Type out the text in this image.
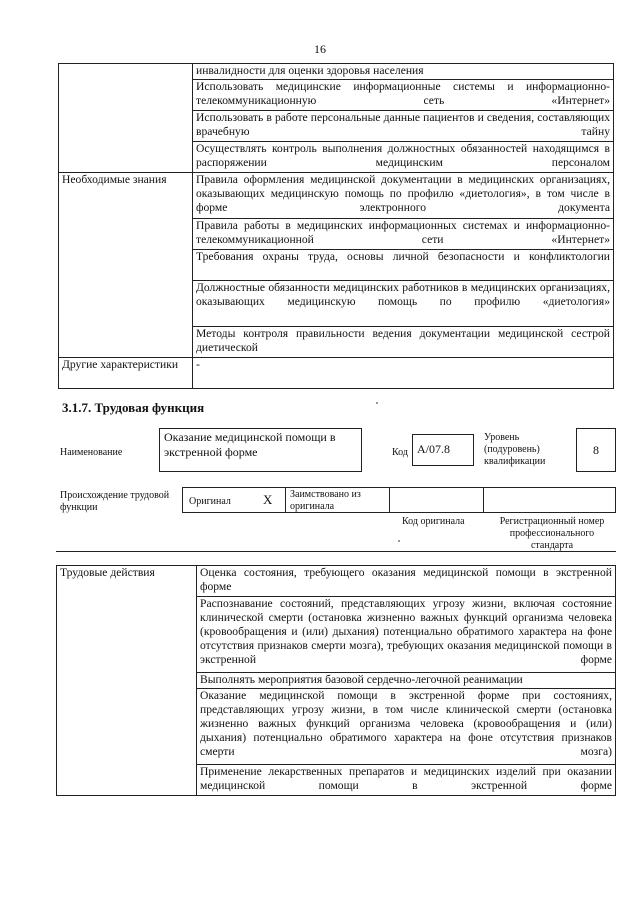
16
	инвалидности для оценки здоровья населения
	Использовать медицинские информационные системы и информационно-телекоммуникационную сеть «Интернет»
	Использовать в работе персональные данные пациентов и сведения, составляющих врачебную тайну
	Осуществлять контроль выполнения должностных обязанностей находящимся в распоряжении медицинским персоналом
Необходимые знания	Правила оформления медицинской документации в медицинских организациях, оказывающих медицинскую помощь по профилю «диетология», в том числе в форме электронного документа
	Правила работы в медицинских информационных системах и информационно-телекоммуникационной сети «Интернет»
	Требования охраны труда, основы личной безопасности и конфликтологии
	Должностные обязанности медицинских работников в медицинских организациях, оказывающих медицинскую помощь по профилю «диетология»
	Методы контроля правильности ведения документации медицинской сестрой диетической
Другие характеристики	-
3.1.7. Трудовая функция
Наименование
Оказание медицинской помощи в экстренной форме	Код А/07.8
Уровень (подуровень) квалификации
8
Происхождение трудовой функции
Оригинал X Заимствовано из оригинала
Код оригинала	Регистрационный номер профессионального стандарта
Трудовые действия	Оценка состояния, требующего оказания медицинской помощи в экстренной форме
Распознавание состояний, представляющих угрозу жизни, включая состояние клинической смерти (остановка жизненно важных функций организма человека (кровообращения и (или) дыхания) потенциально обратимого характера на фоне отсутствия признаков смерти мозга), требующих оказания медицинской помощи в экстренной форме
Выполнять мероприятия базовой сердечно-легочной реанимации
Оказание медицинской помощи в экстренной форме при состояниях, представляющих угрозу жизни, в том числе клинической смерти (остановка жизненно важных функций организма человека (кровообращения и (или) дыхания) потенциально обратимого характера на фоне отсутствия признаков смерти мозга)
Применение лекарственных препаратов и медицинских изделий при оказании медицинской помощи в экстренной форме
